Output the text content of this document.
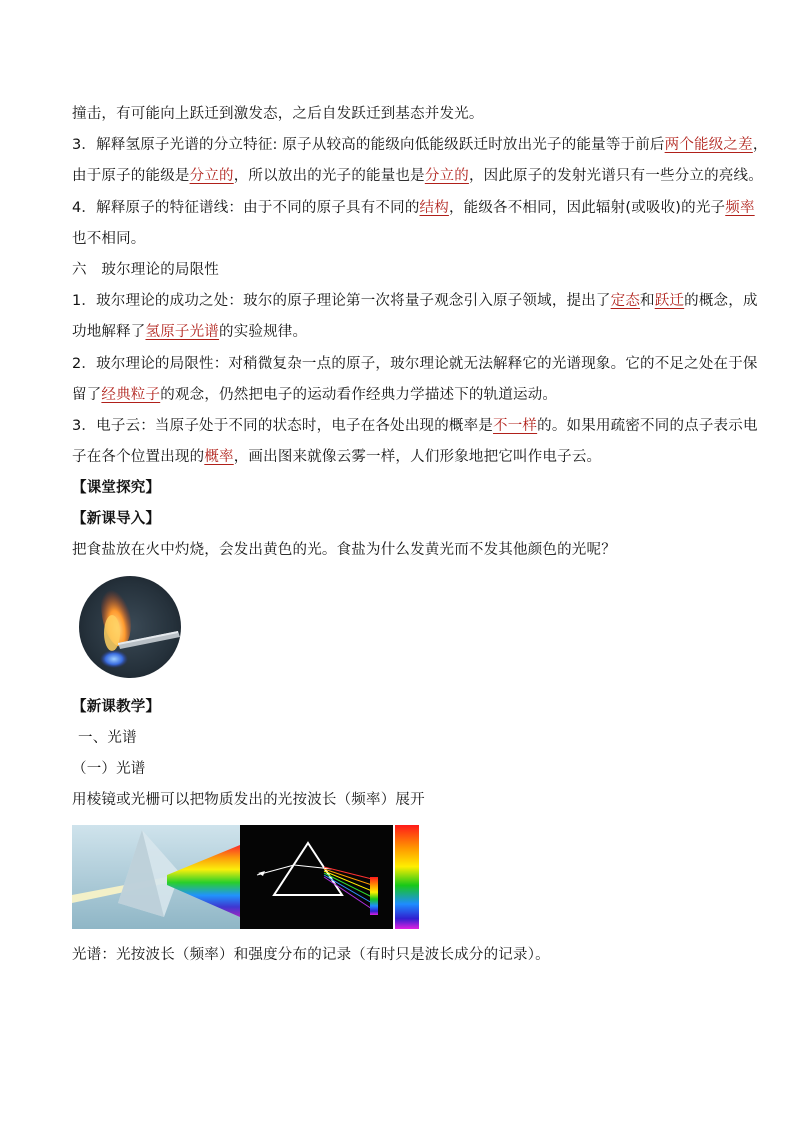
撞击，有可能向上跃迁到激发态，之后自发跃迁到基态并发光。
3．解释氢原子光谱的分立特征: 原子从较高的能级向低能级跃迁时放出光子的能量等于前后两个能级之差，
由于原子的能级是分立的，所以放出的光子的能量也是分立的，因此原子的发射光谱只有一些分立的亮线。
4．解释原子的特征谱线：由于不同的原子具有不同的结构，能级各不相同，因此辐射(或吸收)的光子频率
也不相同。
六　玻尔理论的局限性
1．玻尔理论的成功之处：玻尔的原子理论第一次将量子观念引入原子领域，提出了定态和跃迁的概念，成
功地解释了氢原子光谱的实验规律。
2．玻尔理论的局限性：对稍微复杂一点的原子，玻尔理论就无法解释它的光谱现象。它的不足之处在于保
留了经典粒子的观念，仍然把电子的运动看作经典力学描述下的轨道运动。
3．电子云：当原子处于不同的状态时，电子在各处出现的概率是不一样的。如果用疏密不同的点子表示电
子在各个位置出现的概率，画出图来就像云雾一样，人们形象地把它叫作电子云。
【课堂探究】
【新课导入】
把食盐放在火中灼烧，会发出黄色的光。食盐为什么发黄光而不发其他颜色的光呢？
【新课教学】
一、光谱
（一）光谱
用棱镜或光栅可以把物质发出的光按波长（频率）展开
光谱：光按波长（频率）和强度分布的记录（有时只是波长成分的记录）。
